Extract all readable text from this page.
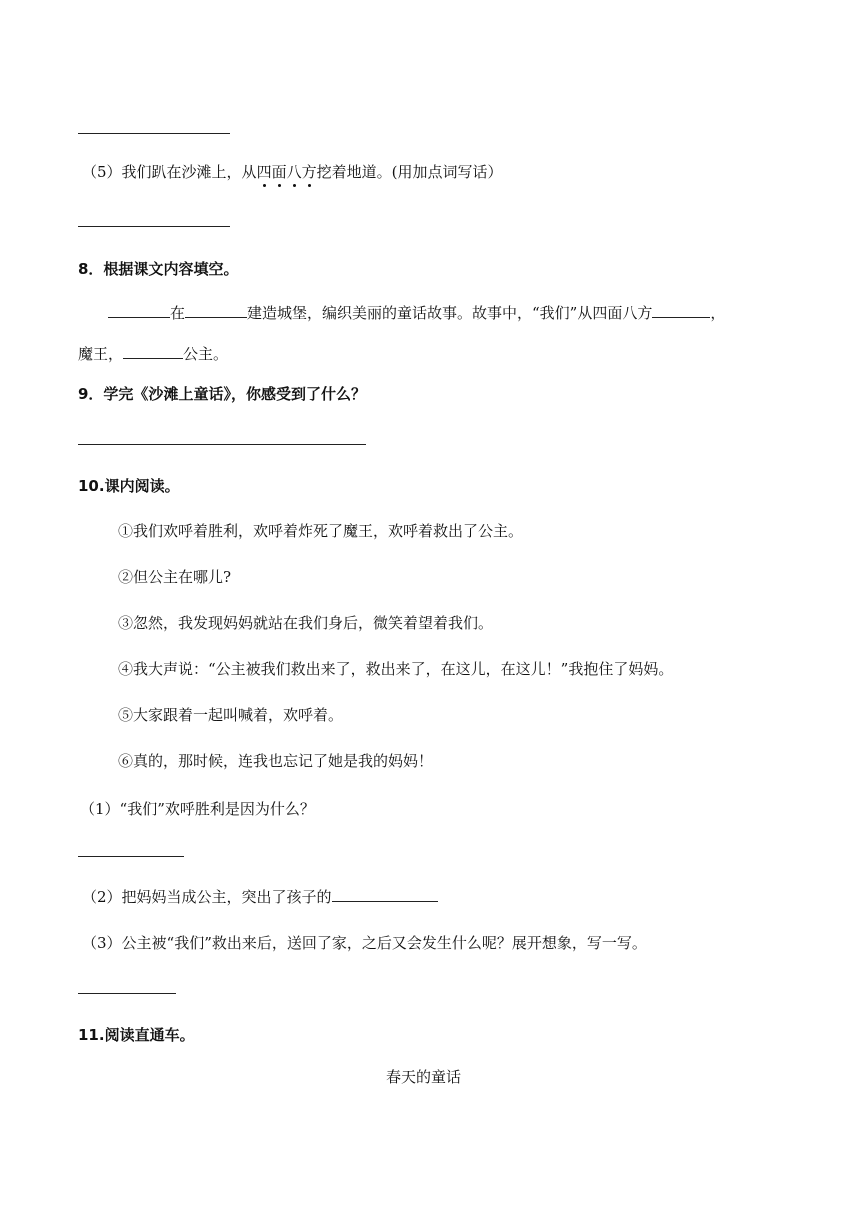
（5）我们趴在沙滩上，从四面八方挖着地道。(用加点词写话）
8．根据课文内容填空。
在	建造城堡，编织美丽的童话故事。故事中，“我们”从四面八方	，
魔王，	公主。
9．学完《沙滩上童话》，你感受到了什么？
10.课内阅读。
①我们欢呼着胜利，欢呼着炸死了魔王，欢呼着救出了公主。
②但公主在哪儿?
③忽然，我发现妈妈就站在我们身后，微笑着望着我们。
④我大声说：“公主被我们救出来了，救出来了，在这儿，在这儿！”我抱住了妈妈。
⑤大家跟着一起叫喊着，欢呼着。
⑥真的，那时候，连我也忘记了她是我的妈妈！
（1）“我们”欢呼胜利是因为什么？
（2）把妈妈当成公主，突出了孩子的
（3）公主被“我们”救出来后，送回了家，之后又会发生什么呢？展开想象，写一写。
11.阅读直通车。
春天的童话
